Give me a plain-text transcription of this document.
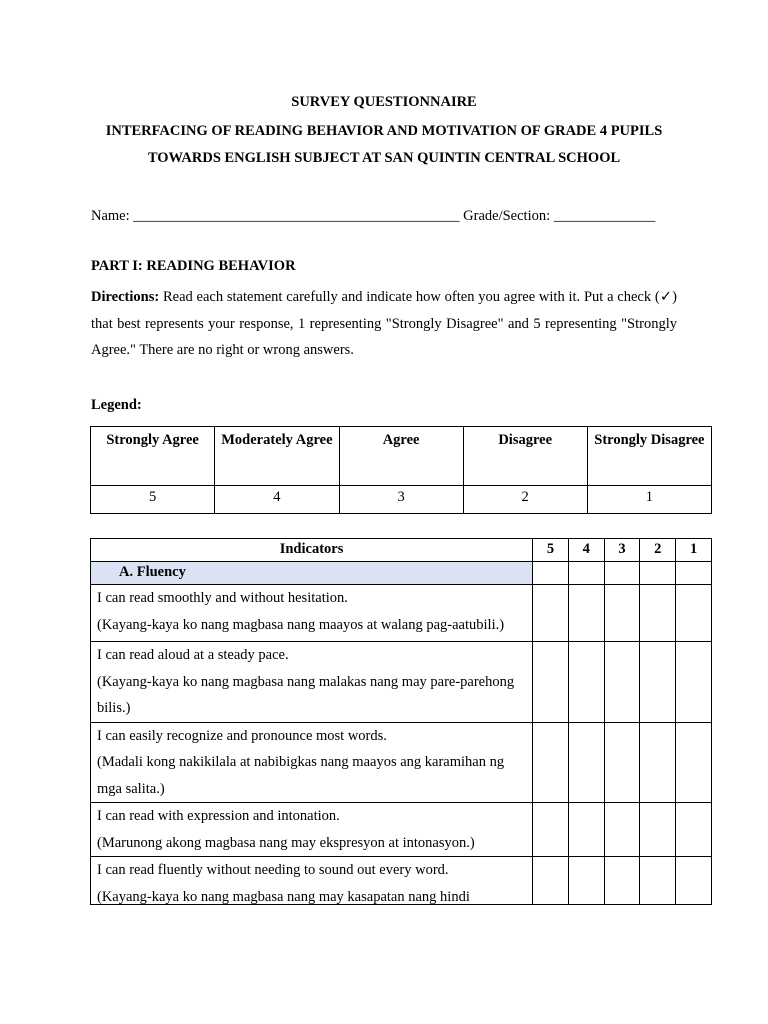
SURVEY QUESTIONNAIRE
INTERFACING OF READING BEHAVIOR AND MOTIVATION OF GRADE 4 PUPILS
TOWARDS ENGLISH SUBJECT AT SAN QUINTIN CENTRAL SCHOOL
Name: _____________________________________________ Grade/Section: ______________
PART I: READING BEHAVIOR
Directions: Read each statement carefully and indicate how often you agree with it. Put a check (✓) that best represents your response, 1 representing "Strongly Disagree" and 5 representing "Strongly Agree." There are no right or wrong answers.
Legend:
Strongly Agree	Moderately Agree	Agree	Disagree	Strongly Disagree
5	4	3	2	1
Indicators	5	4	3	2	1
A. Fluency					

I can read smoothly and without hesitation.
(Kayang-kaya ko nang magbasa nang maayos at walang pag-aatubili.)					

I can read aloud at a steady pace.
(Kayang-kaya ko nang magbasa nang malakas nang may pare-parehong bilis.)					

I can easily recognize and pronounce most words.
(Madali kong nakikilala at nabibigkas nang maayos ang karamihan ng mga salita.)					

I can read with expression and intonation.
(Marunong akong magbasa nang may ekspresyon at intonasyon.)					

I can read fluently without needing to sound out every word.
(Kayang-kaya ko nang magbasa nang may kasapatan nang hindi					
